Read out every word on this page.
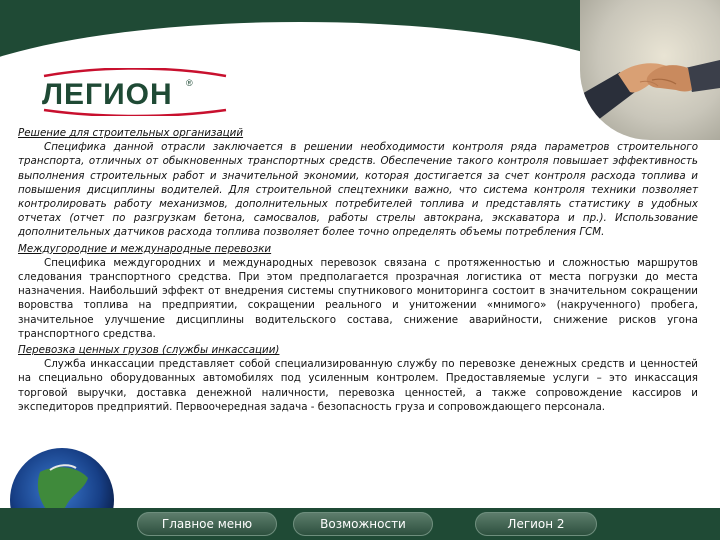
Наши клиенты
ЛЕГИОН ®

Решение для строительных организаций

Специфика данной отрасли заключается в решении необходимости контроля ряда параметров строительного транспорта, отличных от обыкновенных транспортных средств. Обеспечение такого контроля повышает эффективность выполнения строительных работ и значительной экономии, которая достигается за счет контроля расхода топлива и повышения дисциплины водителей. Для строительной спецтехники важно, что система контроля техники позволяет контролировать работу механизмов, дополнительных потребителей топлива и представлять статистику в удобных отчетах (отчет по разгрузкам бетона, самосвалов, работы стрелы автокрана, экскаватора и пр.). Использование дополнительных датчиков расхода топлива позволяет более точно определять объемы потребления ГСМ.

Междугородние и международные перевозки

Специфика междугородних и международных перевозок связана с протяженностью и сложностью маршрутов следования транспортного средства. При этом предполагается прозрачная логистика от места погрузки до места назначения. Наибольший эффект от внедрения системы спутникового мониторинга состоит в значительном сокращении воровства топлива на предприятии, сокращении реального и унитожении «мнимого» (накрученного) пробега, значительное улучшение дисциплины водительского состава, снижение аварийности, снижение рисков угона транспортного средства.

Перевозка ценных грузов (службы инкассации)

Служба инкассации представляет собой специализированную службу по перевозке денежных средств и ценностей на специально оборудованных автомобилях под усиленным контролем. Предоставляемые услуги – это инкассация торговой выручки, доставка денежной наличности, перевозка ценностей, а также сопровождение кассиров и экспедиторов предприятий. Первоочередная задача - безопасность груза и сопровождающего персонала.

Главное меню	Возможности	Легион 2
